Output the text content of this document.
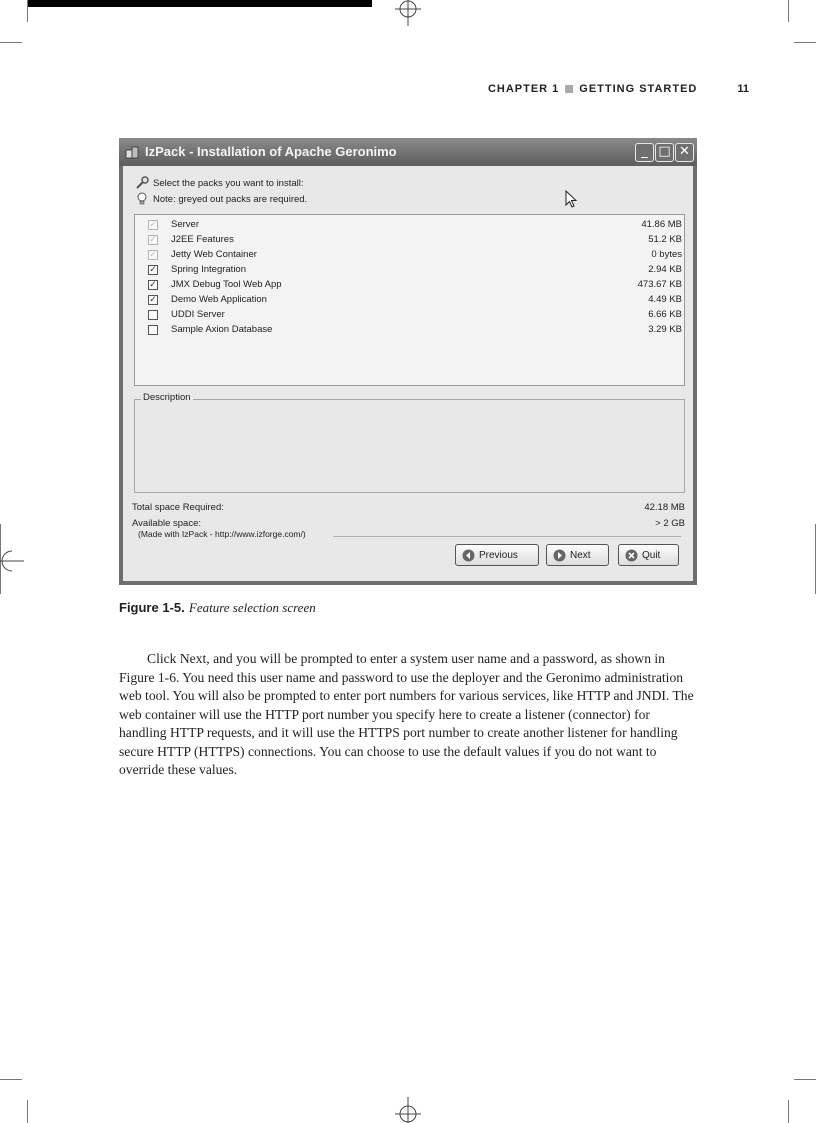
CHAPTER 1 GETTING STARTED	11
IzPack - Installation of Apache Geronimo	_ □ ✕
Select the packs you want to install:
Note: greyed out packs are required.
✓ Server	41.86 MB
✓ J2EE Features	51.2 KB
✓ Jetty Web Container	0 bytes
✓ Spring Integration	2.94 KB
✓ JMX Debug Tool Web App	473.67 KB
✓ Demo Web Application	4.49 KB
UDDI Server	6.66 KB
Sample Axion Database	3.29 KB
Description
Total space Required:	42.18 MB
Available space:	> 2 GB
(Made with IzPack - http://www.izforge.com/)
Previous	Next	Quit
Figure 1-5. Feature selection screen

Click Next, and you will be prompted to enter a system user name and a password, as shown in Figure 1-6. You need this user name and password to use the deployer and the Geronimo administration web tool. You will also be prompted to enter port numbers for various services, like HTTP and JNDI. The web container will use the HTTP port number you specify here to create a listener (connector) for handling HTTP requests, and it will use the HTTPS port number to create another listener for handling secure HTTP (HTTPS) connections. You can choose to use the default values if you do not want to override these values.
